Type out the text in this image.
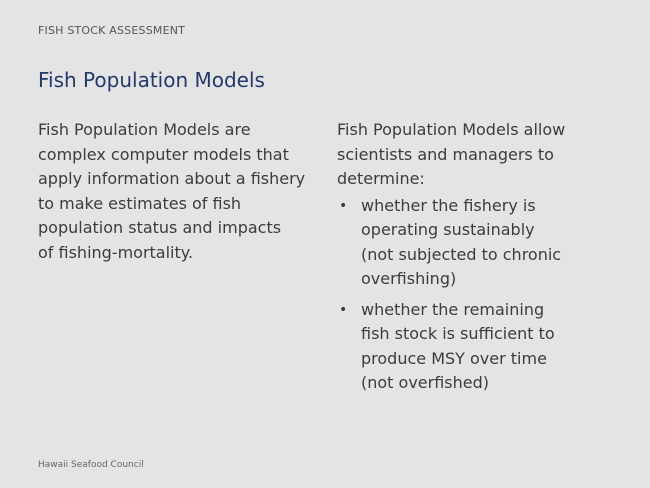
FISH STOCK ASSESSMENT
Fish Population Models

Fish Population Models are
complex computer models that
apply information about a fishery
to make estimates of fish
population status and impacts
of fishing-mortality.

Fish Population Models allow
scientists and managers to
determine:

• whether the fishery is
operating sustainably
(not subjected to chronic
overfishing)
• whether the remaining
fish stock is sufficient to
produce MSY over time
(not overfished)
Hawaii Seafood Council
